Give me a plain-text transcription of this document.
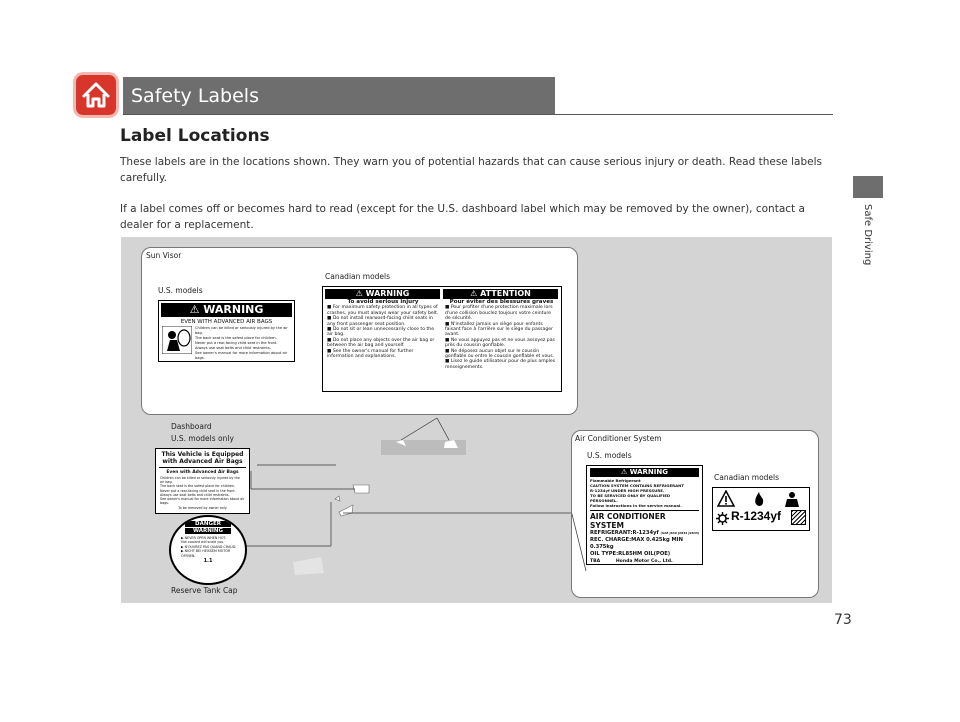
Safety Labels
Safe Driving
Label Locations
These labels are in the locations shown. They warn you of potential hazards that can cause serious injury or death. Read these labels carefully.
If a label comes off or becomes hard to read (except for the U.S. dashboard label which may be removed by the owner), contact a dealer for a replacement.
Sun Visor
U.S. models
Canadian models
⚠ WARNING
EVEN WITH ADVANCED AIR BAGS
Children can be killed or seriously injured by the air bag.
The back seat is the safest place for children.
Never put a rear-facing child seat in the front.
Always use seat belts and child restraints.
See owner's manual for more information about air bags.
⚠ WARNING	⚠ ATTENTION
To avoid serious injury
■ For maximum safety protection in all types of crashes, you must always wear your safety belt.
■ Do not install rearward-facing child seats in any front passenger seat position.
■ Do not sit or lean unnecessarily close to the air bag.
■ Do not place any objects over the air bag or between the air bag and yourself.
■ See the owner's manual for further information and explanations.
Pour éviter des blessures graves
■ Pour profiter d'une protection maximale lors d'une collision bouclez toujours votre ceinture de sécurité.
■ N'installez jamais un siège pour enfants faisant face à l'arrière sur le siège du passager avant.
■ Ne vous appuyez pas et ne vous assoyez pas près du coussin gonflable.
■ Ne déposez aucun objet sur le coussin gonflable ou entre le coussin gonflable et vous.
■ Lisez le guide utilisateur pour de plus amples renseignements.
Dashboard
U.S. models only
This Vehicle is Equipped with Advanced Air Bags
Even with Advanced Air Bags
Children can be killed or seriously injured by the air bag.
The back seat is the safest place for children.
Never put a rear-facing child seat in the front.
Always use seat belts and child restraints.
See owner's manual for more information about air bags.
To be removed by owner only
DANGER
WARNING
▶ NEVER OPEN WHEN HOT.
Hot coolant will scald you.
▶ N'OUVREZ PAS QUAND CHAUD.
▶ NICHT BEI HEISSEM MOTOR ÖFFNEN.
1.1
Reserve Tank Cap
Air Conditioner System
U.S. models
Canadian models
⚠ WARNING
Flammable Refrigerant
CAUTION SYSTEM CONTAINS REFRIGERANT
R-1234yf UNDER HIGH PRESSURE.
TO BE SERVICED ONLY BY QUALIFIED PERSONNEL.
Follow instructions in the service manual.
AIR CONDITIONER SYSTEM
REFRIGERANT:R-1234yf (SAE J639 J2842 J2843)
REC. CHARGE:MAX 0.425kg MIN 0.375kg
OIL TYPE:RL85HM OIL(POE)
TBA	Honda Motor Co., Ltd.
R-1234yf
73
